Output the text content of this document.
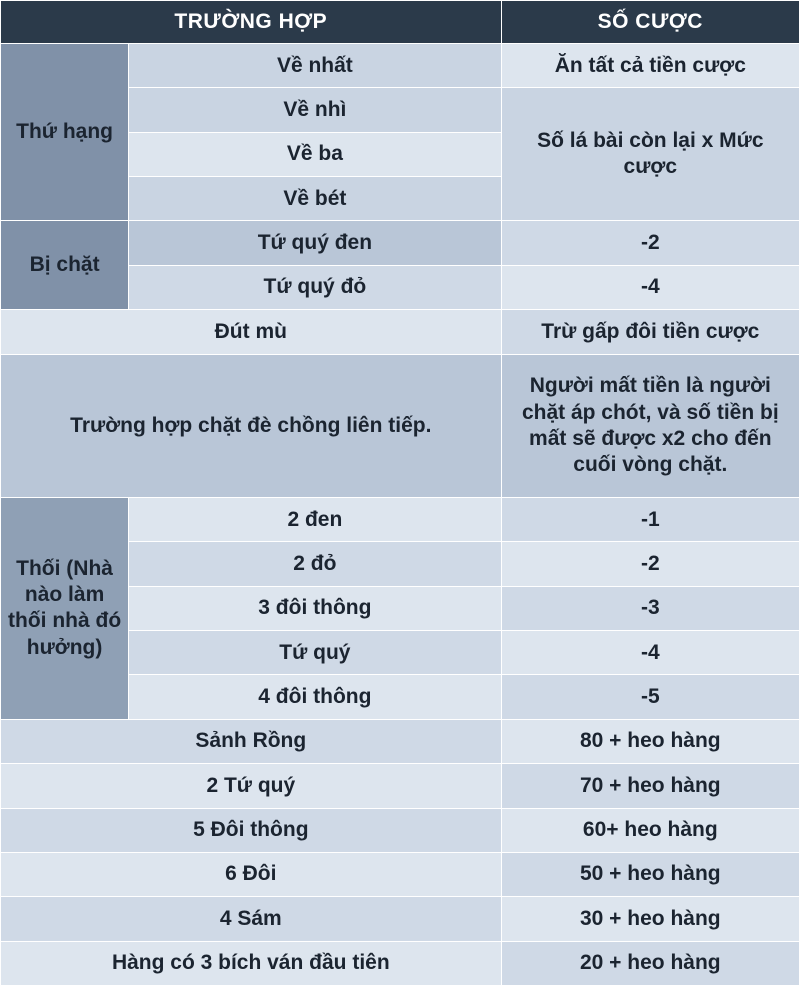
TRƯỜNG HỢP		SỐ CƯỢC
Thứ hạng	Về nhất	Ăn tất cả tiền cược
	Về nhì	Số lá bài còn lại x Mức cược
	Về ba	
	Về bét	
Bị chặt	Tứ quý đen	-2
	Tứ quý đỏ	-4
Đút mù		Trừ gấp đôi tiền cược
Trường hợp chặt đè chồng liên tiếp.		Người mất tiền là người chặt áp chót, và số tiền bị mất sẽ được x2 cho đến cuối vòng chặt.
Thối (Nhà nào làm thối nhà đó hưởng)	2 đen	-1
	2 đỏ	-2
	3 đôi thông	-3
	Tứ quý	-4
	4 đôi thông	-5
Sảnh Rồng		80 + heo hàng
2 Tứ quý		70 + heo hàng
5 Đôi thông		60+ heo hàng
6 Đôi		50 + heo hàng
4 Sám		30 + heo hàng
Hàng có 3 bích ván đầu tiên		20 + heo hàng
